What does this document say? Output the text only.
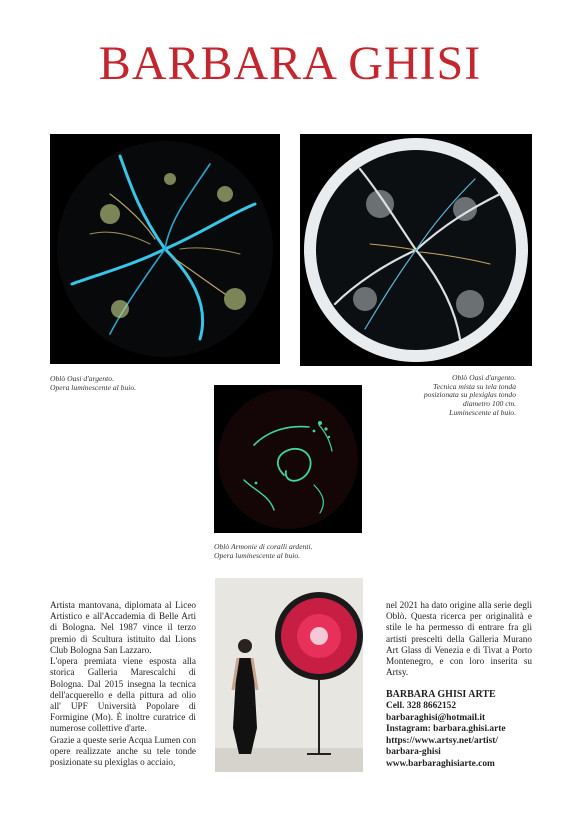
BARBARA GHISI
Oblò Oasi d'argento.
Opera luminescente al buio.
Oblò Oasi d'argento.
Tecnica mista su tela tonda
posizionata su plexiglas tondo
diametro 100 cm.
Luminescente al buio.
Oblò Armonie di coralli ardenti.
Opera luminescente al buio.

Artista mantovana, diplomata al Liceo Artistico e all'Accademia di Belle Arti di Bologna. Nel 1987 vince il terzo premio di Scultura istituito dal Lions Club Bologna San Lazzaro.

L'opera premiata viene esposta alla storica Galleria Marescalchi di Bologna. Dal 2015 insegna la tecnica dell'acquerello e della pittura ad olio all' UPF Università Popolare di Formigine (Mo). È inoltre curatrice di numerose collettive d'arte.

Grazie a queste serie Acqua Lumen con opere realizzate anche su tele tonde posizionate su plexiglas o acciaio,

nel 2021 ha dato origine alla serie degli Oblò. Questa ricerca per originalità e stile le ha permesso di entrare fra gli artisti prescelti della Galleria Murano Art Glass di Venezia e di Tivat a Porto Montenegro, e con loro inserita su Artsy.

BARBARA GHISI ARTE
Cell. 328 8662152
barbaraghisi@hotmail.it
Instagram: barbara.ghisi.arte
https://www.artsy.net/artist/
barbara-ghisi
www.barbaraghisiarte.com
